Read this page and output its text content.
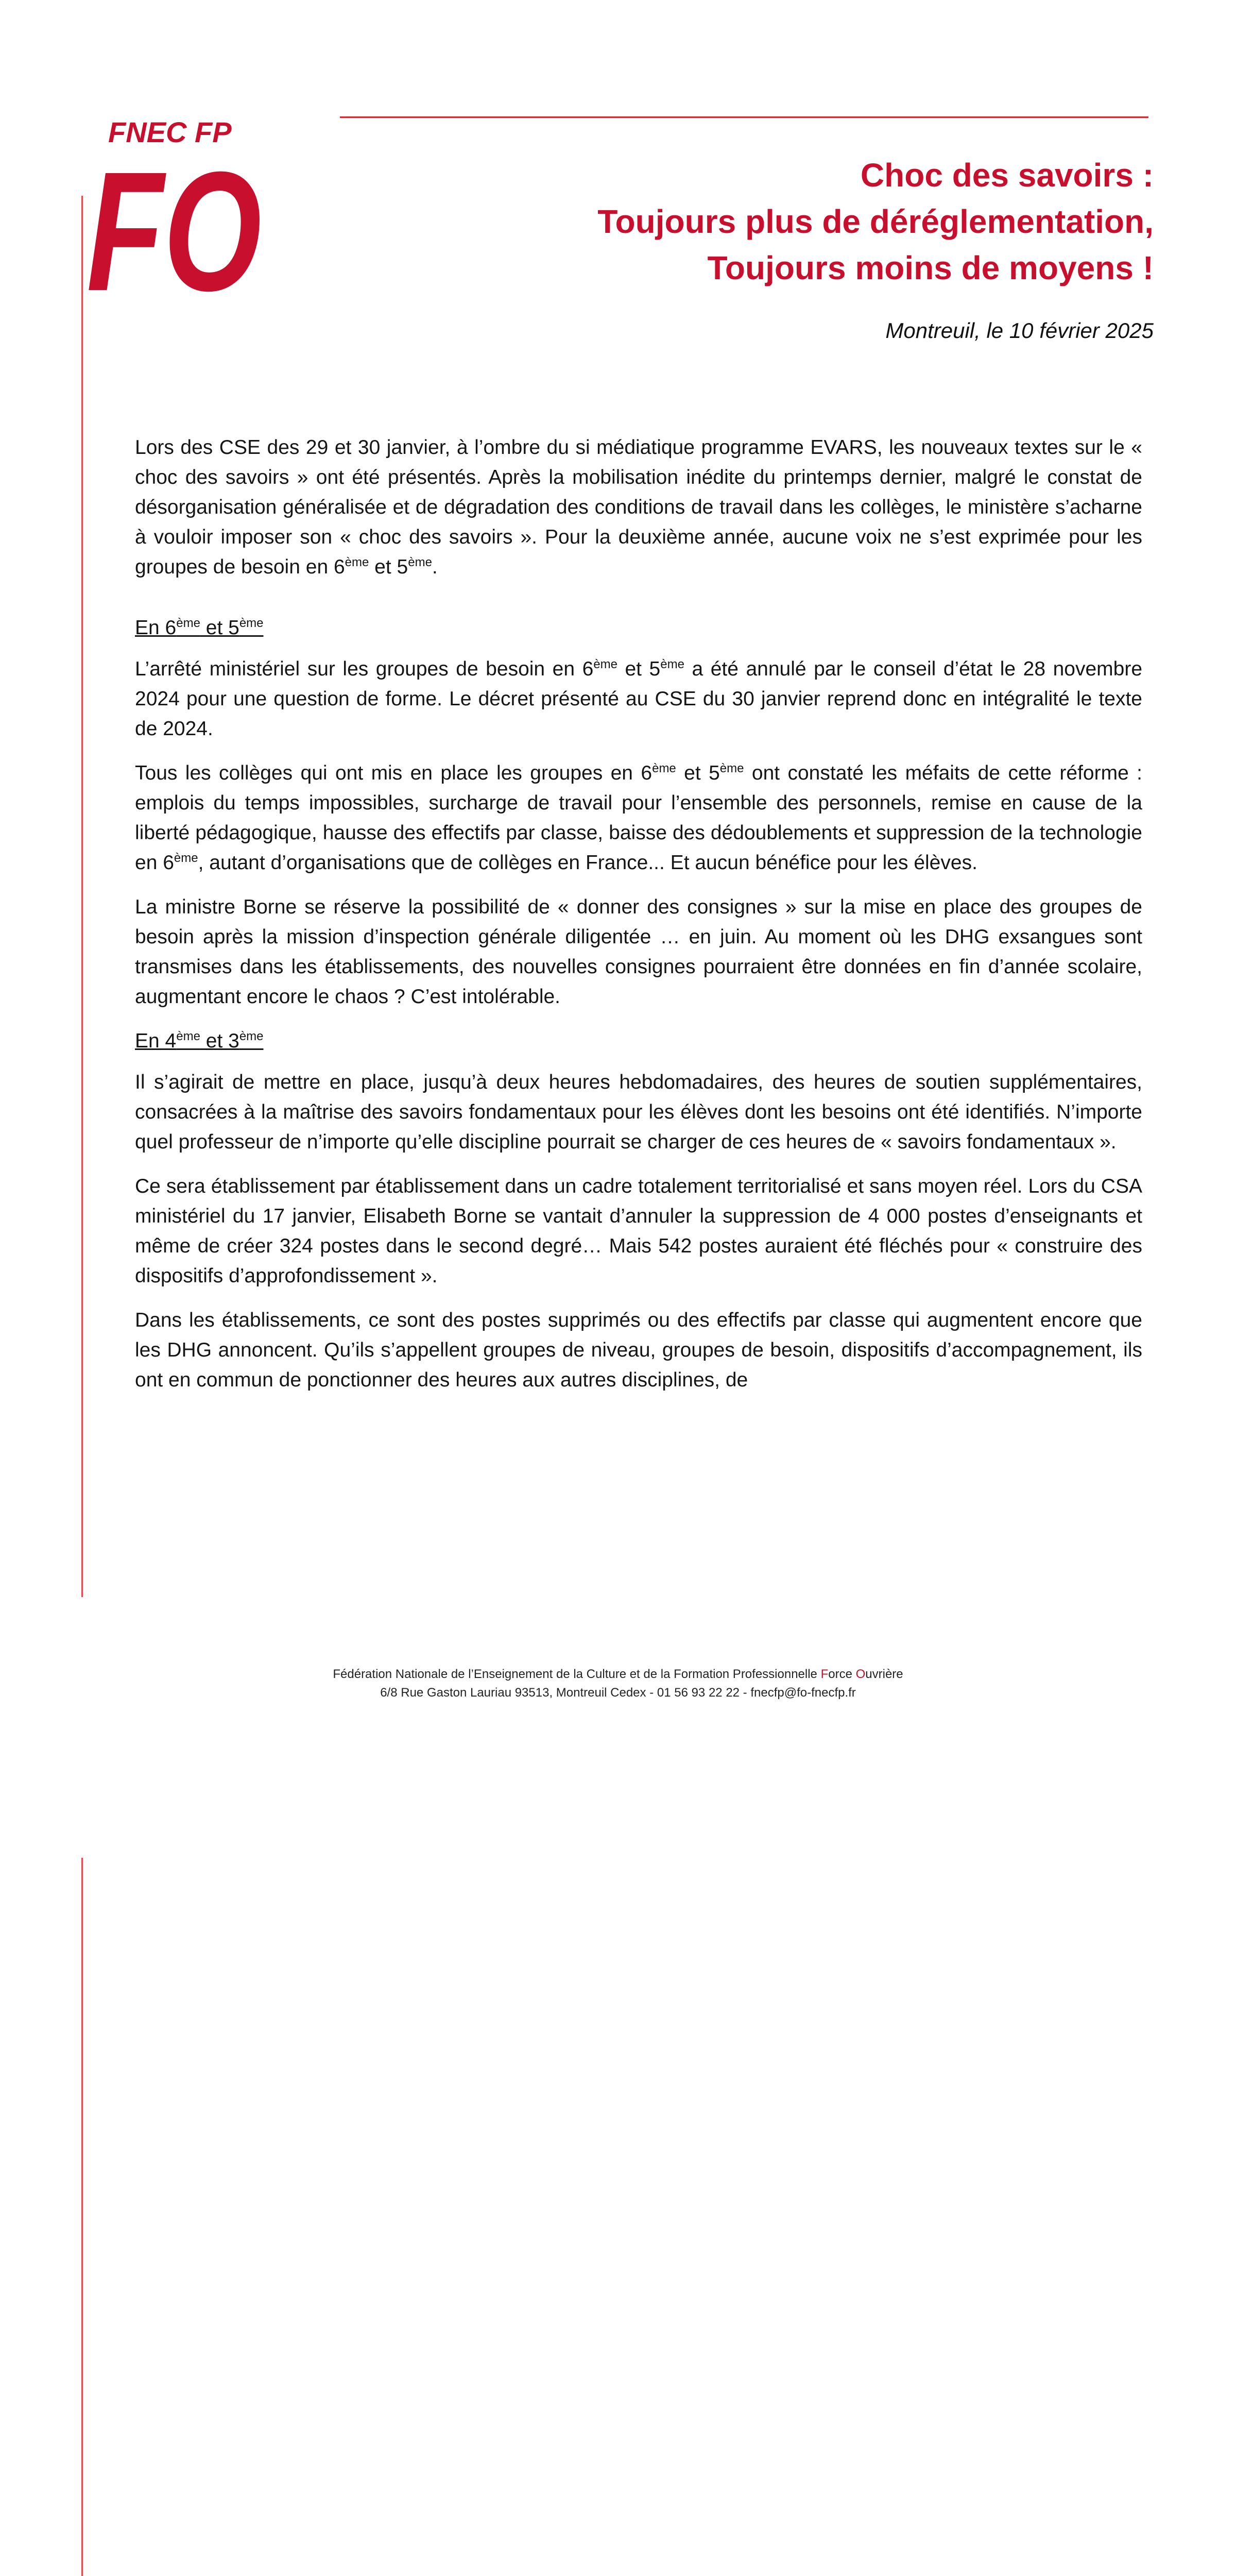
FNEC FP
FO	Choc des savoirs :
Toujours plus de déréglementation,
Toujours moins de moyens !
Montreuil, le 10 février 2025

Lors des CSE des 29 et 30 janvier, à l’ombre du si médiatique programme EVARS, les nouveaux textes sur le « choc des savoirs » ont été présentés. Après la mobilisation inédite du printemps dernier, malgré le constat de désorganisation généralisée et de dégradation des conditions de travail dans les collèges, le ministère s’acharne à vouloir imposer son « choc des savoirs ». Pour la deuxième année, aucune voix ne s’est exprimée pour les groupes de besoin en 6ème et 5ème.

En 6ème et 5ème

L’arrêté ministériel sur les groupes de besoin en 6ème et 5ème a été annulé par le conseil d’état le 28 novembre 2024 pour une question de forme. Le décret présenté au CSE du 30 janvier reprend donc en intégralité le texte de 2024.

Tous les collèges qui ont mis en place les groupes en 6ème et 5ème ont constaté les méfaits de cette réforme : emplois du temps impossibles, surcharge de travail pour l’ensemble des personnels, remise en cause de la liberté pédagogique, hausse des effectifs par classe, baisse des dédoublements et suppression de la technologie en 6ème, autant d’organisations que de collèges en France... Et aucun bénéfice pour les élèves.

La ministre Borne se réserve la possibilité de « donner des consignes » sur la mise en place des groupes de besoin après la mission d’inspection générale diligentée … en juin. Au moment où les DHG exsangues sont transmises dans les établissements, des nouvelles consignes pourraient être données en fin d’année scolaire, augmentant encore le chaos ? C’est intolérable.

En 4ème et 3ème

Il s’agirait de mettre en place, jusqu’à deux heures hebdomadaires, des heures de soutien supplémentaires, consacrées à la maîtrise des savoirs fondamentaux pour les élèves dont les besoins ont été identifiés. N’importe quel professeur de n’importe qu’elle discipline pourrait se charger de ces heures de « savoirs fondamentaux ».

Ce sera établissement par établissement dans un cadre totalement territorialisé et sans moyen réel. Lors du CSA ministériel du 17 janvier, Elisabeth Borne se vantait d’annuler la suppression de 4 000 postes d’enseignants et même de créer 324 postes dans le second degré… Mais 542 postes auraient été fléchés pour « construire des dispositifs d’approfondissement ».

Dans les établissements, ce sont des postes supprimés ou des effectifs par classe qui augmentent encore que les DHG annoncent. Qu’ils s’appellent groupes de niveau, groupes de besoin, dispositifs d’accompagnement, ils ont en commun de ponctionner des heures aux autres disciplines, de

Fédération Nationale de l’Enseignement de la Culture et de la Formation Professionnelle Force Ouvrière
6/8 Rue Gaston Lauriau 93513, Montreuil Cedex - 01 56 93 22 22 - fnecfp@fo-fnecfp.fr
